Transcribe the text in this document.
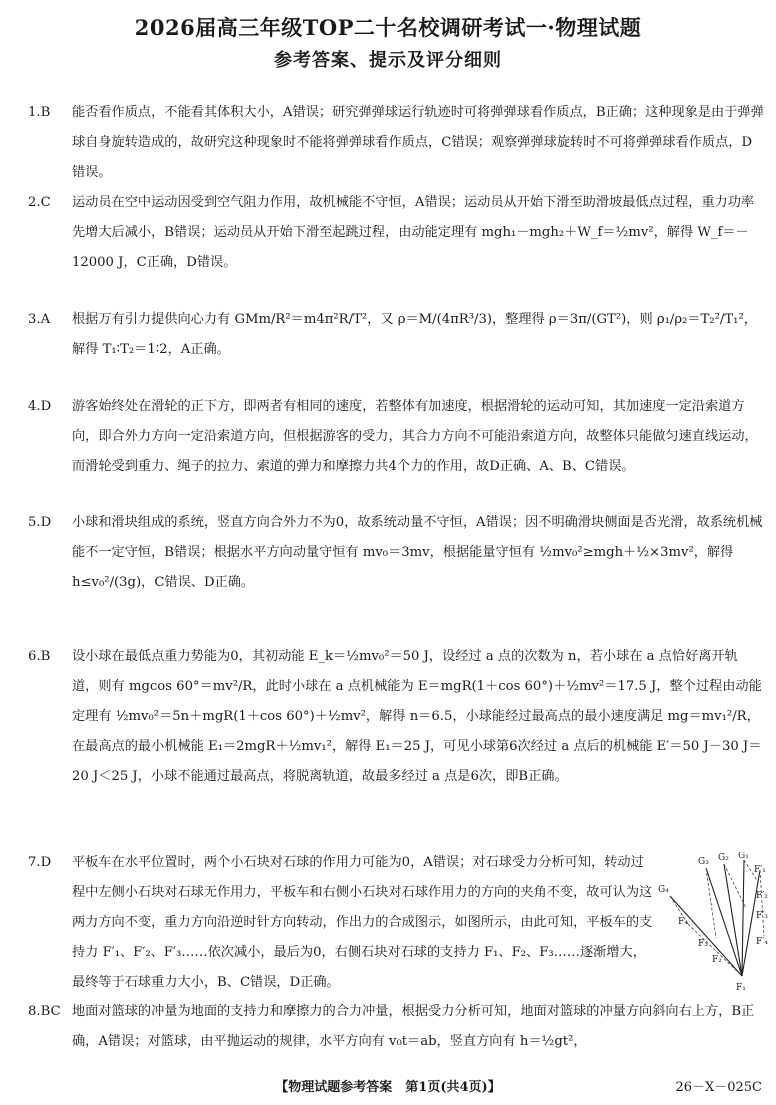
2026届高三年级TOP二十名校调研考试一·物理试题
参考答案、提示及评分细则
1.B	能否看作质点，不能看其体积大小，A错误；研究弹弹球运行轨迹时可将弹弹球看作质点，B正确；这种现象是由于弹弹球自身旋转造成的，故研究这种现象时不能将弹弹球看作质点，C错误；观察弹弹球旋转时不可将弹弹球看作质点，D错误。
2.C	运动员在空中运动因受到空气阻力作用，故机械能不守恒，A错误；运动员从开始下滑至助滑坡最低点过程，重力功率先增大后减小，B错误；运动员从开始下滑至起跳过程，由动能定理有 mgh₁－mgh₂＋W_f＝½mv²，解得 W_f＝－12000 J，C正确，D错误。
3.A	根据万有引力提供向心力有 GMm/R²＝m4π²R/T²，又 ρ＝M/(4πR³/3)，整理得 ρ＝3π/(GT²)，则 ρ₁/ρ₂＝T₂²/T₁²，解得 T₁∶T₂＝1∶2，A正确。
4.D	游客始终处在滑轮的正下方，即两者有相同的速度，若整体有加速度，根据滑轮的运动可知，其加速度一定沿索道方向，即合外力方向一定沿索道方向，但根据游客的受力，其合力方向不可能沿索道方向，故整体只能做匀速直线运动，而滑轮受到重力、绳子的拉力、索道的弹力和摩擦力共4个力的作用，故D正确、A、B、C错误。
5.D	小球和滑块组成的系统，竖直方向合外力不为0，故系统动量不守恒，A错误；因不明确滑块侧面是否光滑，故系统机械能不一定守恒，B错误；根据水平方向动量守恒有 mv₀＝3mv，根据能量守恒有 ½mv₀²≥mgh＋½×3mv²，解得 h≤v₀²/(3g)，C错误、D正确。
6.B	设小球在最低点重力势能为0，其初动能 E_k＝½mv₀²＝50 J，设经过 a 点的次数为 n，若小球在 a 点恰好离开轨道，则有 mgcos 60°＝mv²/R，此时小球在 a 点机械能为 E＝mgR(1＋cos 60°)＋½mv²＝17.5 J，整个过程由动能定理有 ½mv₀²＝5n＋mgR(1＋cos 60°)＋½mv²，解得 n＝6.5，小球能经过最高点的最小速度满足 mg＝mv₁²/R，在最高点的最小机械能 E₁＝2mgR＋½mv₁²，解得 E₁＝25 J，可见小球第6次经过 a 点后的机械能 E′＝50 J－30 J＝20 J＜25 J，小球不能通过最高点，将脱离轨道，故最多经过 a 点是6次，即B正确。
7.D	平板车在水平位置时，两个小石块对石球的作用力可能为0，A错误；对石球受力分析可知，转动过程中左侧小石块对石球无作用力，平板车和右侧小石块对石球作用力的方向的夹角不变，故可认为这两力方向不变，重力方向沿逆时针方向转动，作出力的合成图示，如图所示，由此可知，平板车的支持力 F′₁、F′₂、F′₃……依次减小，最后为0，右侧石块对石球的支持力 F₁、F₂、F₃……逐渐增大，最终等于石球重力大小，B、C错误，D正确。
G₄
G₃ G₂ G₁
F′₁
F′₂
F′₃
F′₄
F₁
F₂
F₃
F₄
8.BC 地面对篮球的冲量为地面的支持力和摩擦力的合力冲量，根据受力分析可知，地面对篮球的冲量方向斜向右上方，B正确，A错误；对篮球，由平抛运动的规律，水平方向有 v₀t＝ab，竖直方向有 h＝½gt²，
【物理试题参考答案　第1页(共4页)】	26－X－025C
